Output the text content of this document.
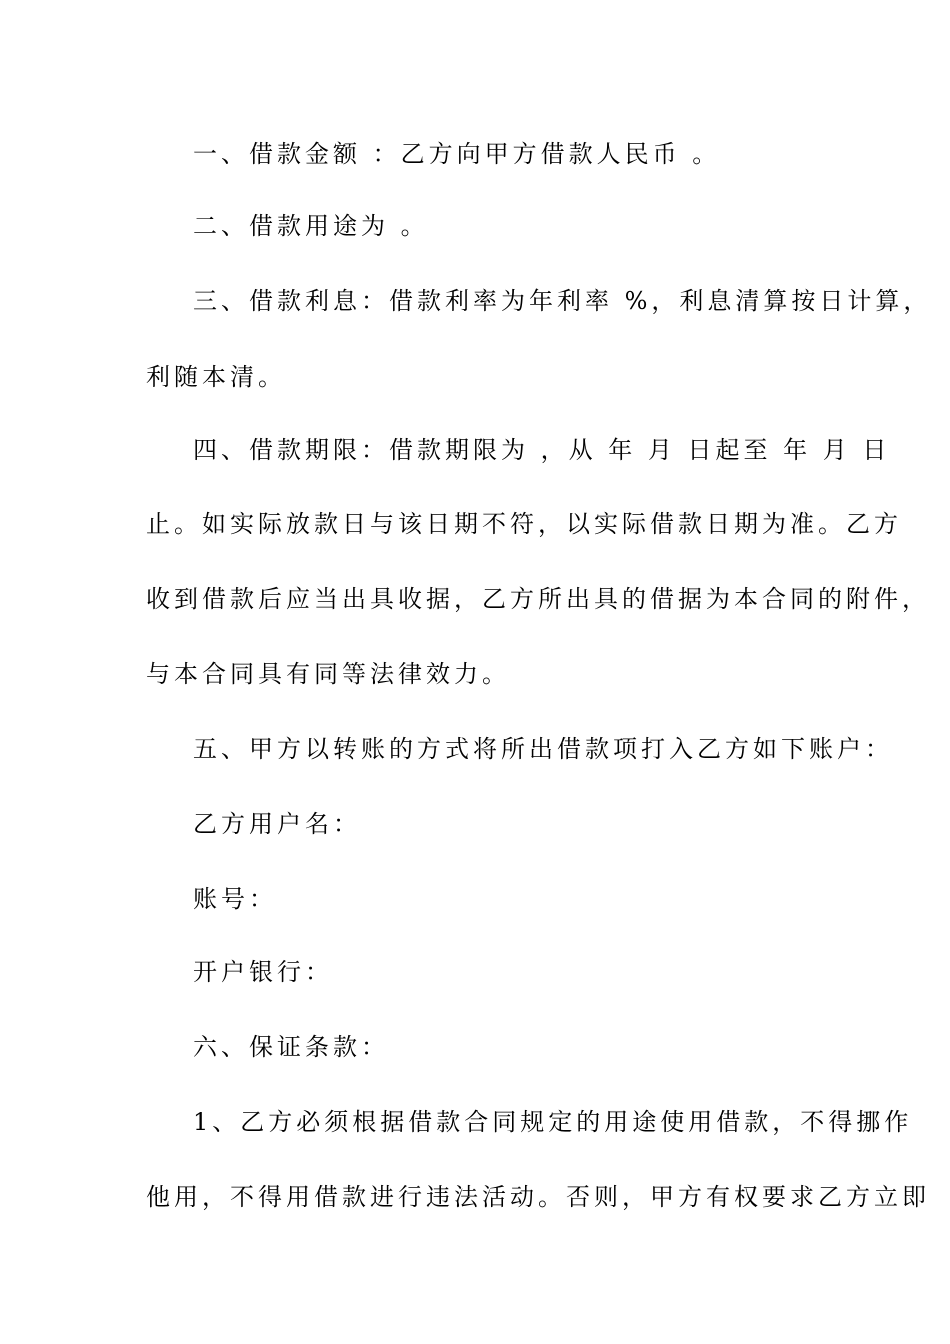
一、借款金额 ：乙方向甲方借款人民币 。
二、借款用途为 。
三、借款利息：借款利率为年利率 %，利息清算按日计算，
利随本清。
四、借款期限：借款期限为 ，从 年 月 日起至 年 月 日
止。如实际放款日与该日期不符，以实际借款日期为准。乙方
收到借款后应当出具收据，乙方所出具的借据为本合同的附件，
与本合同具有同等法律效力。
五、甲方以转账的方式将所出借款项打入乙方如下账户：
乙方用户名：
账号：
开户银行：
六、保证条款：
1、乙方必须根据借款合同规定的用途使用借款，不得挪作
他用，不得用借款进行违法活动。否则，甲方有权要求乙方立即
